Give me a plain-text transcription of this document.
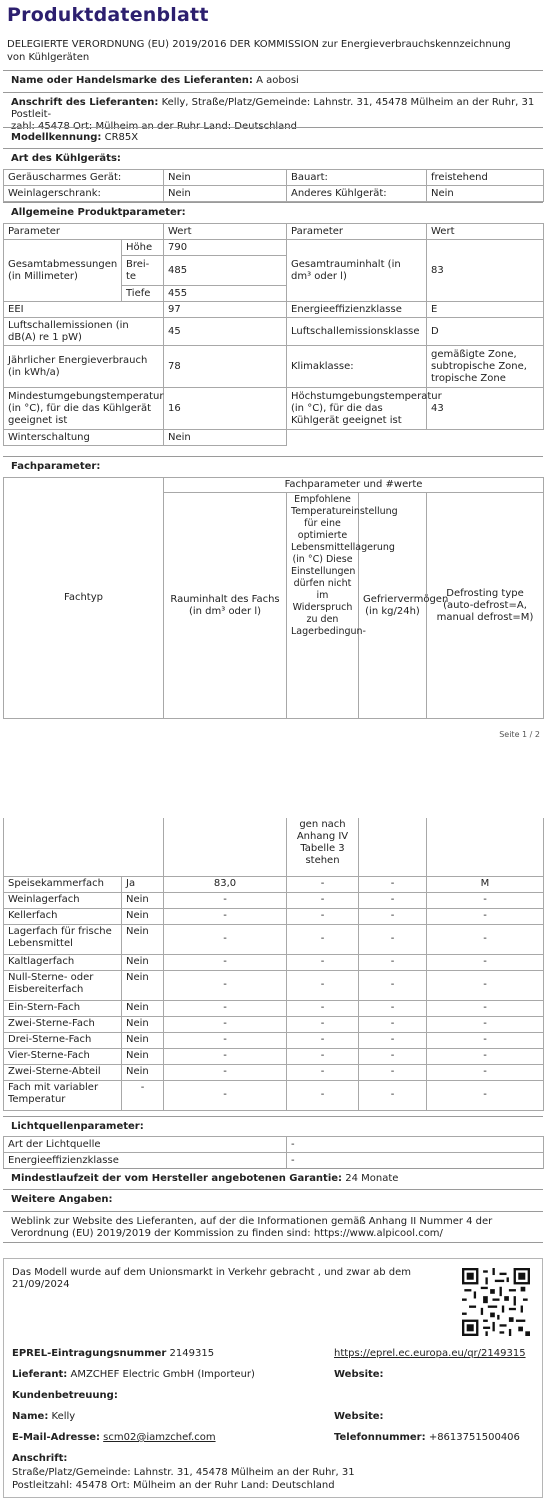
Produktdatenblatt
DELEGIERTE VERORDNUNG (EU) 2019/2016 DER KOMMISSION zur Energieverbrauchskennzeichnung von Kühlgeräten
Name oder Handelsmarke des Lieferanten: A aobosi
Anschrift des Lieferanten: Kelly, Straße/Platz/Gemeinde: Lahnstr. 31, 45478 Mülheim an der Ruhr, 31 Postleit-
zahl: 45478 Ort: Mülheim an der Ruhr Land: Deutschland
Modellkennung: CR85X
Art des Kühlgeräts:
Geräuscharmes Gerät:	Nein	Bauart:	freistehend
Weinlagerschrank:	Nein	Anderes Kühlgerät:	Nein
Allgemeine Produktparameter:
Parameter		Wert	Parameter	Wert
Gesamtabmessungen (in Millimeter)	Höhe	790	Gesamtrauminhalt (in dm³ oder l)	83
	Brei-te	485		
	Tiefe	455		
EEI		97	Energieeffizienzklasse	E
Luftschallemissionen (in dB(A) re 1 pW)		45	Luftschallemissionsklasse	D
Jährlicher Energieverbrauch (in kWh/a)		78	Klimaklasse:	gemäßigte Zone, subtropische Zone, tropische Zone
Mindestumgebungstemperatur (in °C), für die das Kühlgerät geeignet ist		16	Höchstumgebungstemperatur (in °C), für die das Kühlgerät geeignet ist	43
Winterschaltung		Nein		
Fachparameter:
Fachtyp	Fachparameter und #werte			
	Rauminhalt des Fachs (in dm³ oder l)	Empfohlene Temperatureinstellung für eine optimierte Lebensmittellagerung (in °C) Diese Einstellungen dürfen nicht im Widerspruch zu den Lagerbedingun-	Gefriervermögen (in kg/24h)	Defrosting type (auto-defrost=A, manual defrost=M)
Seite 1 / 2
			gen nach Anhang IV Tabelle 3 stehen		
Speisekammerfach	Ja	83,0	-	-	M
Weinlagerfach	Nein	-	-	-	-
Kellerfach	Nein	-	-	-	-
Lagerfach für frische Lebensmittel	Nein	-	-	-	-
Kaltlagerfach	Nein	-	-	-	-
Null-Sterne- oder Eisbereiterfach	Nein	-	-	-	-
Ein-Stern-Fach	Nein	-	-	-	-
Zwei-Sterne-Fach	Nein	-	-	-	-
Drei-Sterne-Fach	Nein	-	-	-	-
Vier-Sterne-Fach	Nein	-	-	-	-
Zwei-Sterne-Abteil	Nein	-	-	-	-
Fach mit variabler Temperatur	-	-	-	-	-
Lichtquellenparameter:
Art der Lichtquelle	-
Energieeffizienzklasse	-
Mindestlaufzeit der vom Hersteller angebotenen Garantie: 24 Monate
Weitere Angaben:
Weblink zur Website des Lieferanten, auf der die Informationen gemäß Anhang II Nummer 4 der Verordnung (EU) 2019/2019 der Kommission zu finden sind: https://www.alpicool.com/
Das Modell wurde auf dem Unionsmarkt in Verkehr gebracht , und zwar ab dem 21/09/2024
EPREL-Eintragungsnummer 2149315	https://eprel.ec.europa.eu/qr/2149315
Lieferant: AMZCHEF Electric GmbH (Importeur)	Website:
Kundenbetreuung:
Name: Kelly	Website:
E-Mail-Adresse: scm02@iamzchef.com	Telefonnummer: +8613751500406
Anschrift:
Straße/Platz/Gemeinde: Lahnstr. 31, 45478 Mülheim an der Ruhr, 31
Postleitzahl: 45478 Ort: Mülheim an der Ruhr Land: Deutschland
